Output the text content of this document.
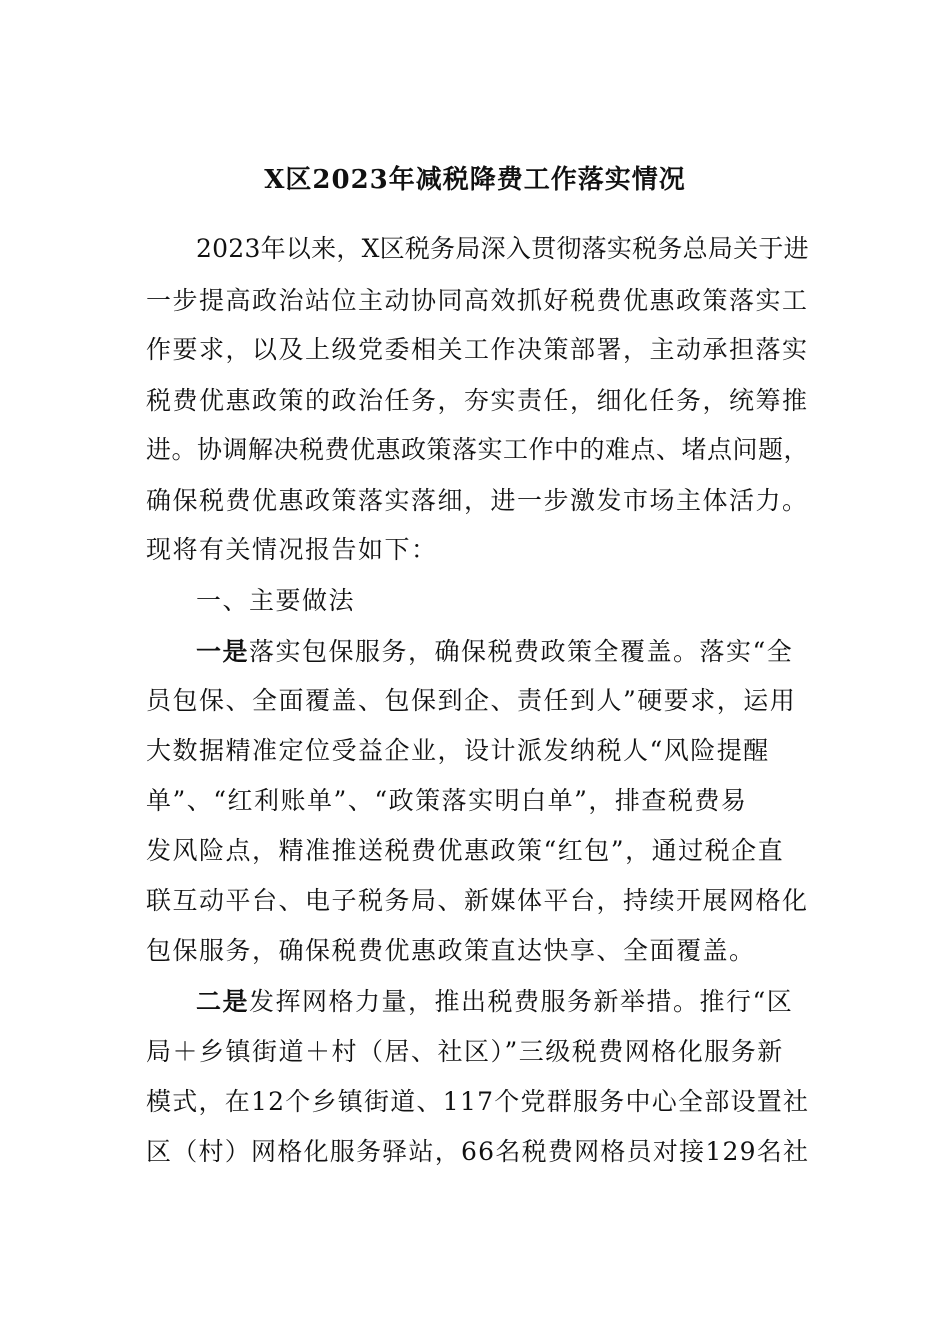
X区2023年减税降费工作落实情况
2023年以来，X区税务局深入贯彻落实税务总局关于进
一步提高政治站位主动协同高效抓好税费优惠政策落实工
作要求，以及上级党委相关工作决策部署，主动承担落实
税费优惠政策的政治任务，夯实责任，细化任务，统筹推
进。协调解决税费优惠政策落实工作中的难点、堵点问题，
确保税费优惠政策落实落细，进一步激发市场主体活力。
现将有关情况报告如下：
一、主要做法
一是落实包保服务，确保税费政策全覆盖。落实“全
员包保、全面覆盖、包保到企、责任到人”硬要求，运用
大数据精准定位受益企业，设计派发纳税人“风险提醒
单”、“红利账单”、“政策落实明白单”，排查税费易
发风险点，精准推送税费优惠政策“红包”，通过税企直
联互动平台、电子税务局、新媒体平台，持续开展网格化
包保服务，确保税费优惠政策直达快享、全面覆盖。
二是发挥网格力量，推出税费服务新举措。推行“区
局＋乡镇街道＋村（居、社区）”三级税费网格化服务新
模式，在12个乡镇街道、117个党群服务中心全部设置社
区（村）网格化服务驿站，66名税费网格员对接129名社
